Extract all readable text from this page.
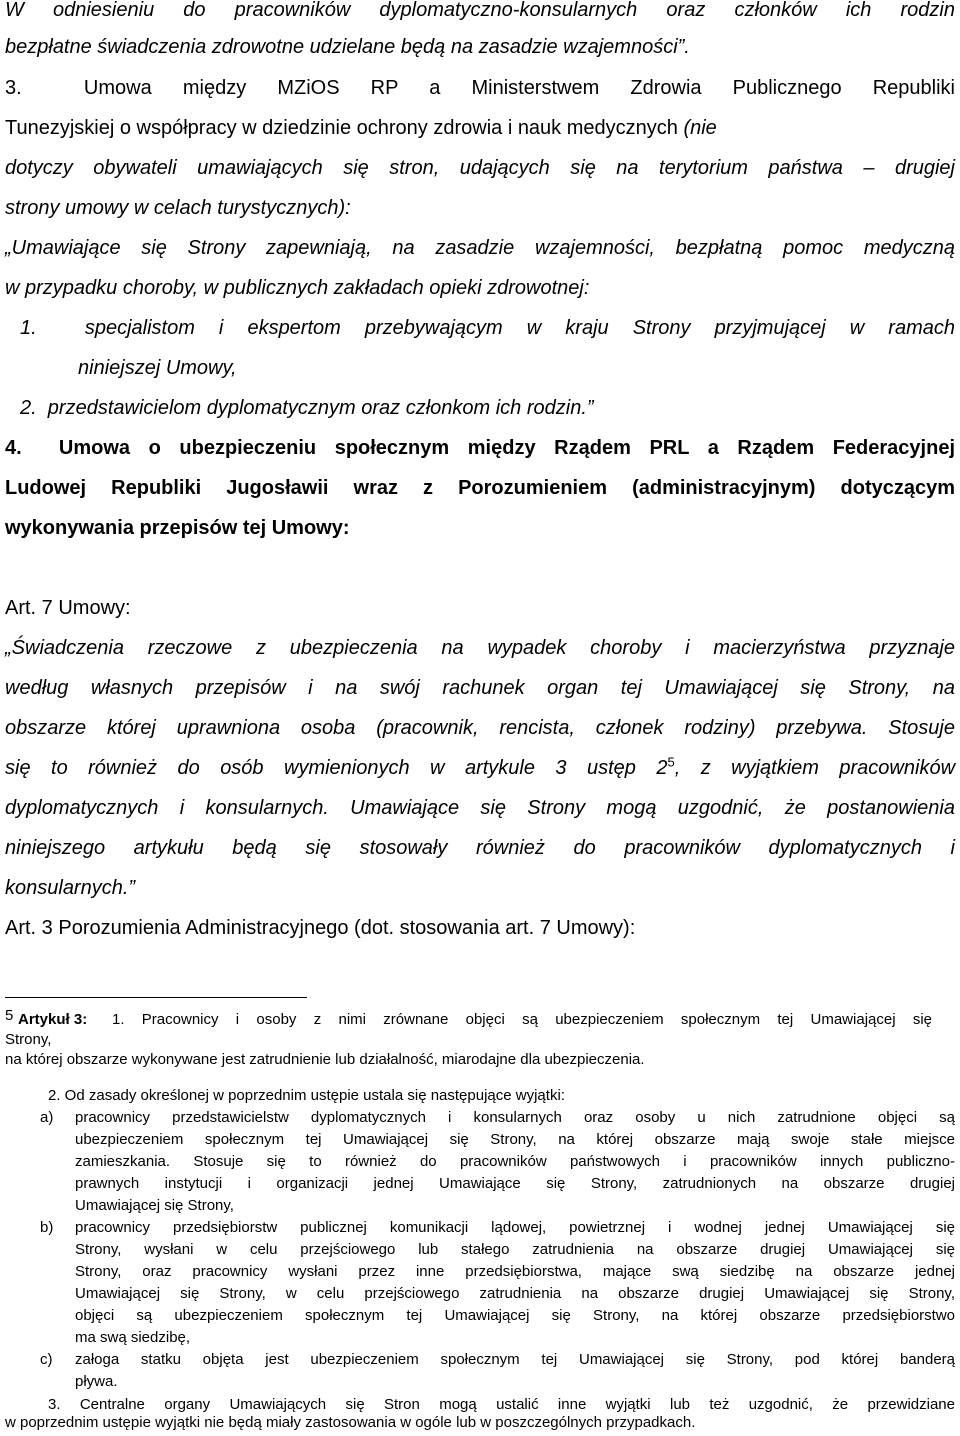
W odniesieniu do pracowników dyplomatyczno-konsularnych oraz członków ich rodzin
bezpłatne świadczenia zdrowotne udzielane będą na zasadzie wzajemności”.
3.  Umowa między MZiOS RP a Ministerstwem Zdrowia Publicznego Republiki
Tunezyjskiej o współpracy w dziedzinie ochrony zdrowia i nauk medycznych (nie
dotyczy obywateli umawiających się stron, udających się na terytorium państwa – drugiej
strony umowy w celach turystycznych):
„Umawiające się Strony zapewniają, na zasadzie wzajemności, bezpłatną pomoc medyczną
w przypadku choroby, w publicznych zakładach opieki zdrowotnej:
1.  specjalistom i ekspertom przebywającym w kraju Strony przyjmującej w ramach
niniejszej Umowy,
2.  przedstawicielom dyplomatycznym oraz członkom ich rodzin.”
4.  Umowa o ubezpieczeniu społecznym między Rządem PRL a Rządem Federacyjnej
Ludowej Republiki Jugosławii wraz z Porozumieniem (administracyjnym) dotyczącym
wykonywania przepisów tej Umowy:
Art. 7 Umowy:
„Świadczenia rzeczowe z ubezpieczenia na wypadek choroby i macierzyństwa przyznaje
według własnych przepisów i na swój rachunek organ tej Umawiającej się Strony, na
obszarze której uprawniona osoba (pracownik, rencista, członek rodziny) przebywa. Stosuje
się to również do osób wymienionych w artykule 3 ustęp $2^5$, z wyjątkiem pracowników
dyplomatycznych i konsularnych. Umawiające się Strony mogą uzgodnić, że postanowienia
niniejszego artykułu będą się stosowały również do pracowników dyplomatycznych i
konsularnych.”
Art. 3 Porozumienia Administracyjnego (dot. stosowania art. 7 Umowy):
5 Artykuł 3: 1. Pracownicy i osoby z nimi zrównane objęci są ubezpieczeniem społecznym tej Umawiającej się
Strony,
na której obszarze wykonywane jest zatrudnienie lub działalność, miarodajne dla ubezpieczenia.
2. Od zasady określonej w poprzednim ustępie ustala się następujące wyjątki:
a) pracownicy przedstawicielstw dyplomatycznych i konsularnych oraz osoby u nich zatrudnione objęci są
ubezpieczeniem społecznym tej Umawiającej się Strony, na której obszarze mają swoje stałe miejsce
zamieszkania. Stosuje się to również do pracowników państwowych i pracowników innych publiczno-
prawnych instytucji i organizacji jednej Umawiające się Strony, zatrudnionych na obszarze drugiej
Umawiającej się Strony,
b) pracownicy przedsiębiorstw publicznej komunikacji lądowej, powietrznej i wodnej jednej Umawiającej się
Strony, wysłani w celu przejściowego lub stałego zatrudnienia na obszarze drugiej Umawiającej się
Strony, oraz pracownicy wysłani przez inne przedsiębiorstwa, mające swą siedzibę na obszarze jednej
Umawiającej się Strony, w celu przejściowego zatrudnienia na obszarze drugiej Umawiającej się Strony,
objęci są ubezpieczeniem społecznym tej Umawiającej się Strony, na której obszarze przedsiębiorstwo
ma swą siedzibę,
c) załoga statku objęta jest ubezpieczeniem społecznym tej Umawiającej się Strony, pod której banderą
pływa.
3. Centralne organy Umawiających się Stron mogą ustalić inne wyjątki lub też uzgodnić, że przewidziane
w poprzednim ustępie wyjątki nie będą miały zastosowania w ogóle lub w poszczególnych przypadkach.
